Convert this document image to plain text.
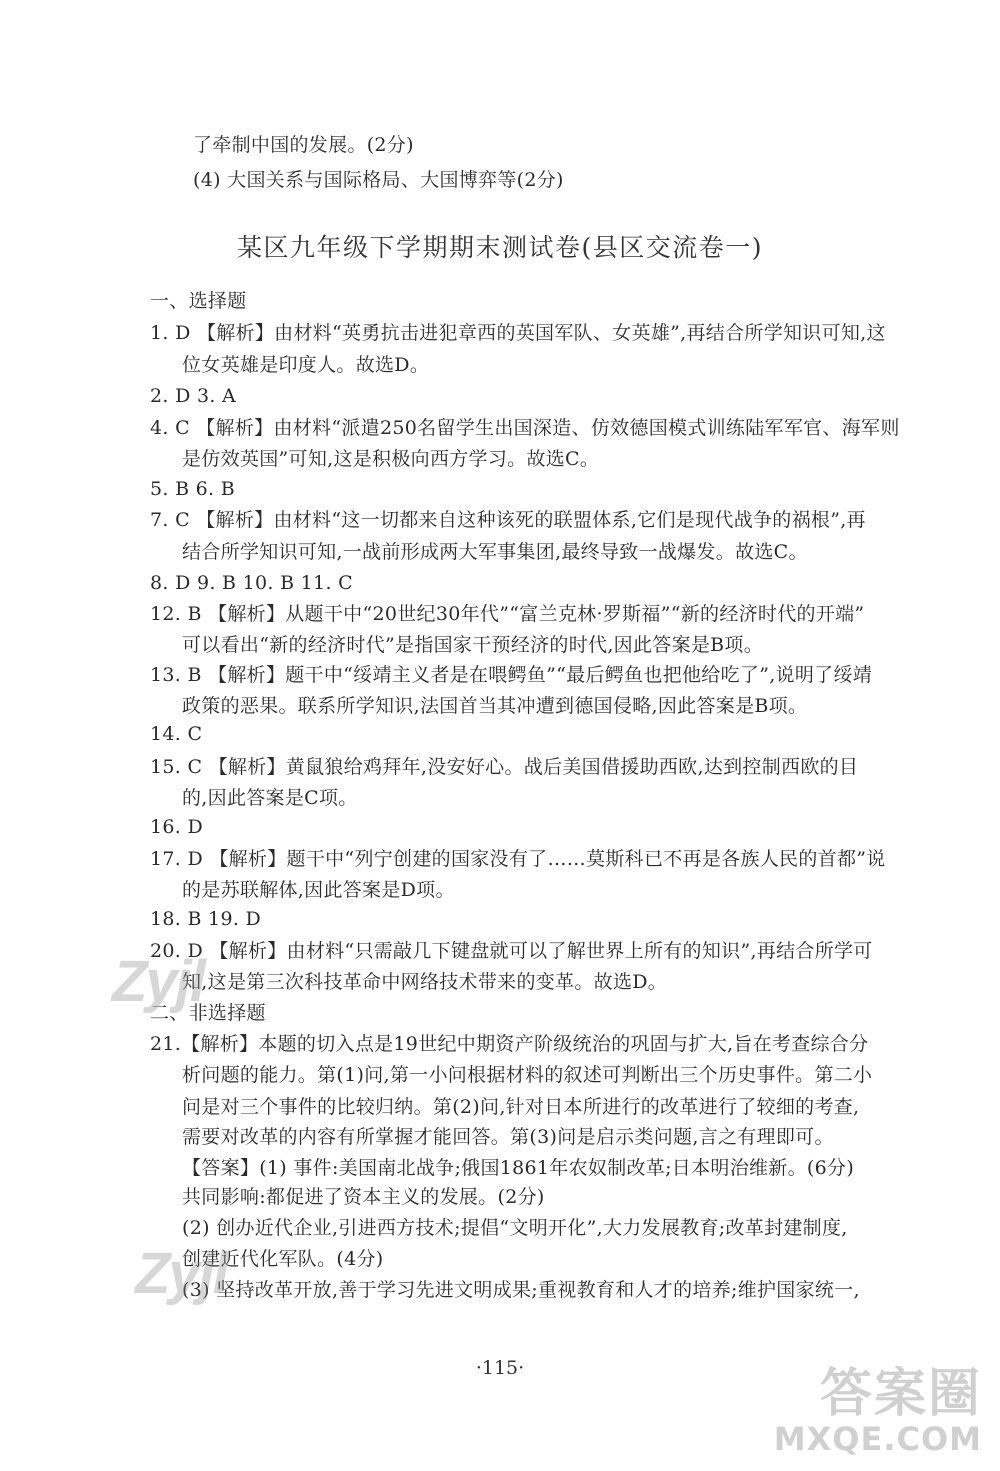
了牵制中国的发展。(2分)
(4) 大国关系与国际格局、大国博弈等(2分)
某区九年级下学期期末测试卷(县区交流卷一)
一、选择题
1. D 【解析】由材料“英勇抗击进犯章西的英国军队、女英雄”,再结合所学知识可知,这
位女英雄是印度人。故选D。
2. D 3. A
4. C 【解析】由材料“派遣250名留学生出国深造、仿效德国模式训练陆军军官、海军则
是仿效英国”可知,这是积极向西方学习。故选C。
5. B 6. B
7. C 【解析】由材料“这一切都来自这种该死的联盟体系,它们是现代战争的祸根”,再
结合所学知识可知,一战前形成两大军事集团,最终导致一战爆发。故选C。
8. D 9. B 10. B 11. C
12. B 【解析】从题干中“20世纪30年代”“富兰克林·罗斯福”“新的经济时代的开端”
可以看出“新的经济时代”是指国家干预经济的时代,因此答案是B项。
13. B 【解析】题干中“绥靖主义者是在喂鳄鱼”“最后鳄鱼也把他给吃了”,说明了绥靖
政策的恶果。联系所学知识,法国首当其冲遭到德国侵略,因此答案是B项。
14. C
15. C 【解析】黄鼠狼给鸡拜年,没安好心。战后美国借援助西欧,达到控制西欧的目
的,因此答案是C项。
16. D
17. D 【解析】题干中“列宁创建的国家没有了……莫斯科已不再是各族人民的首都”说
的是苏联解体,因此答案是D项。
18. B 19. D
20. D 【解析】由材料“只需敲几下键盘就可以了解世界上所有的知识”,再结合所学可
知,这是第三次科技革命中网络技术带来的变革。故选D。
二、非选择题
21.【解析】本题的切入点是19世纪中期资产阶级统治的巩固与扩大,旨在考查综合分
析问题的能力。第(1)问,第一小问根据材料的叙述可判断出三个历史事件。第二小
问是对三个事件的比较归纳。第(2)问,针对日本所进行的改革进行了较细的考查,
需要对改革的内容有所掌握才能回答。第(3)问是启示类问题,言之有理即可。
【答案】(1) 事件:美国南北战争;俄国1861年农奴制改革;日本明治维新。(6分)
共同影响:都促进了资本主义的发展。(2分)
(2) 创办近代企业,引进西方技术;提倡“文明开化”,大力发展教育;改革封建制度,
创建近代化军队。(4分)
(3) 坚持改革开放,善于学习先进文明成果;重视教育和人才的培养;维护国家统一,
·115·
Zyjl
Zyjl
答案圈
MXQE.COM
